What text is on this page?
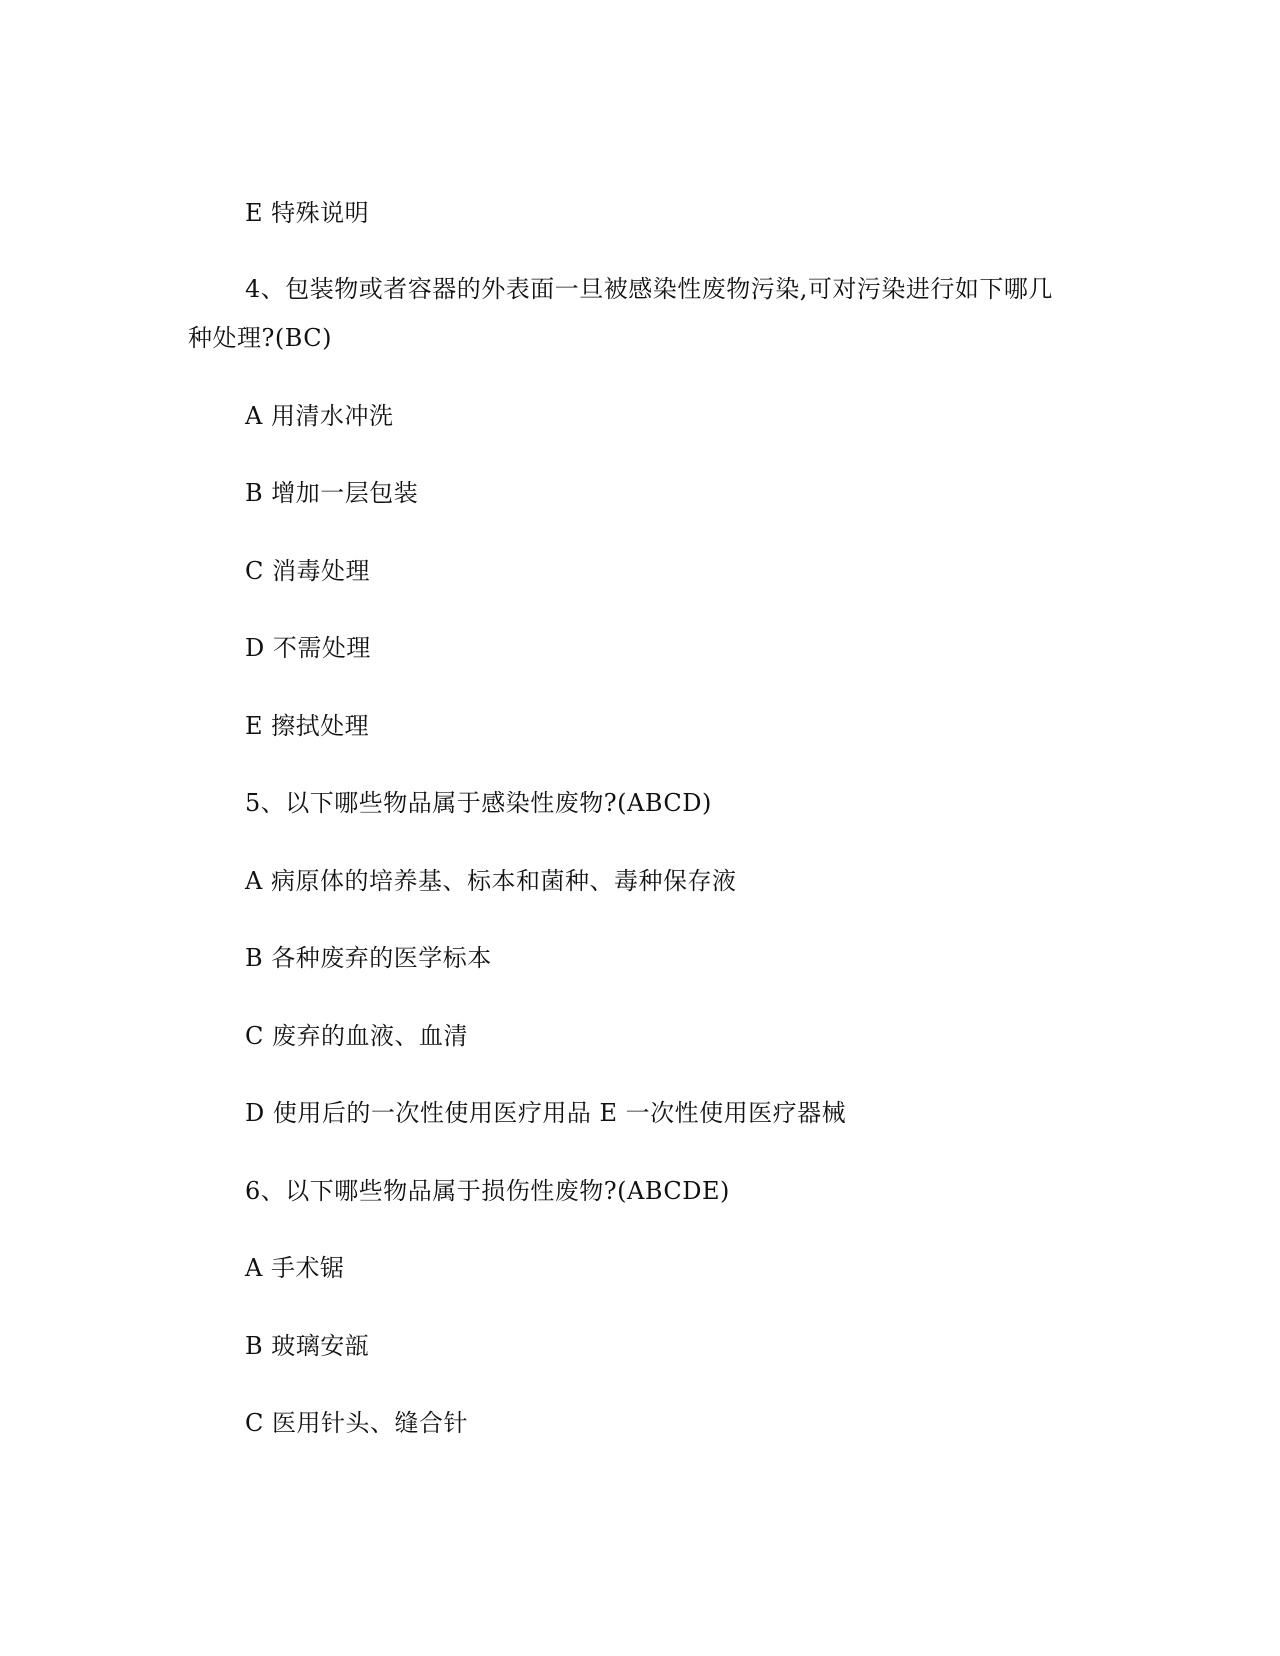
E 特殊说明
4、包装物或者容器的外表面一旦被感染性废物污染,可对污染进行如下哪几
种处理?(BC)
A 用清水冲洗
B 增加一层包装
C 消毒处理
D 不需处理
E 擦拭处理
5、以下哪些物品属于感染性废物?(ABCD)
A 病原体的培养基、标本和菌种、毒种保存液
B 各种废弃的医学标本
C 废弃的血液、血清
D 使用后的一次性使用医疗用品 E 一次性使用医疗器械
6、以下哪些物品属于损伤性废物?(ABCDE)
A 手术锯
B 玻璃安瓿
C 医用针头、缝合针
